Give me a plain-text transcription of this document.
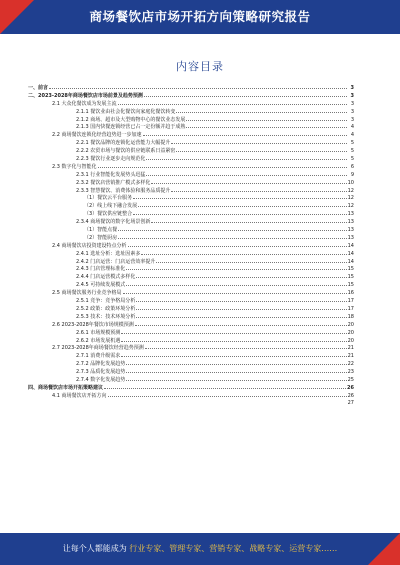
商场餐饮店市场开拓方向策略研究报告
内容目录
一、前言	3
二、2023-2028年商场餐饮店市场前景及趋势预测	3
2.1 大众化餐饮成为发展主流	3
2.1.1 餐饮业由社会化餐饮向家庭化餐饮转变	3
2.1.2 商场、超市及大型购物中心的餐饮业态发展	3
2.1.3 国内快餐连锁经营已占一定份额并趋于成熟	4
2.2 商场餐饮连锁化经营趋势进一步加速	4
2.2.1 餐饮品牌的连锁化运营能力大幅提升	5
2.2.2 农贸市场与餐饮的供应链联系日益紧密	5
2.2.3 餐饮行业逐步走向规范化	5
2.3 数字化与智能化	6
2.3.1 行业智能化发展势头迅猛	9
2.3.2 餐饮店营销推广模式多样化	10
2.3.3 智慧餐饮、消费体验和服务品质提升	12
（1）餐饮云平台服务	12
（2）线上线下融合发展	12
（3）餐饮供应链整合	13
2.3.4 商场餐饮的数字化场景创新	13
（1）智能点餐	13
（2）智能厨房	13
2.4 商场餐饮店投资建设特点分析	14
2.4.1 选址分析：选址因素多	14
2.4.2 门店运营：门店运营效率提升	14
2.4.3 门店管理标准化	15
2.4.4 门店运营模式多样化	15
2.4.5 可持续发展模式	15
2.5 商场餐饮服务行业竞争格局	16
2.5.1 竞争：竞争格局分析	17
2.5.2 政策：政策环境分析	17
2.5.3 技术：技术环境分析	18
2.6 2023-2028年餐饮市场规模预测	20
2.6.1 市场规模预测	20
2.6.2 市场发展机遇	20
2.7 2023-2028年商场餐饮经营趋势预测	21
2.7.1 消费升级需求	21
2.7.2 品牌化发展趋势	22
2.7.3 品质化发展趋势	23
2.7.4 数字化发展趋势	25
四、商场餐饮店市场开拓策略建议	26
4.1 商场餐饮店开拓方向	26
27
让每个人都能成为 行业专家、管理专家、营销专家、战略专家、运营专家……
